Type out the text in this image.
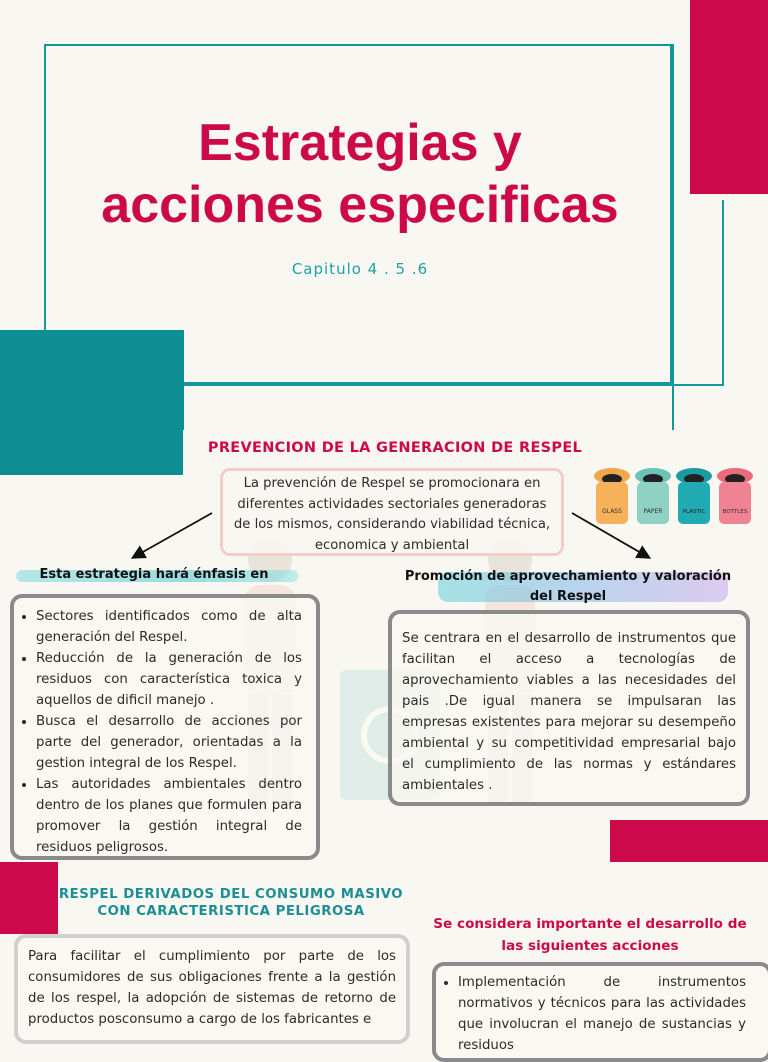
Estrategias y
acciones especificas
Capitulo 4 . 5 .6
PREVENCION DE LA GENERACION DE RESPEL
La prevención de Respel se promocionara en diferentes actividades sectoriales generadoras de los mismos, considerando viabilidad técnica, economica y ambiental
GLASS	PAPER	PLASTIC	BOTTLES
Esta estrategia hará énfasis en	Promoción de aprovechamiento y valoración del Respel
• Sectores identificados como de alta generación del Respel.
• Reducción de la generación de los residuos con característica toxica y aquellos de dificil manejo .
• Busca el desarrollo de acciones por parte del generador, orientadas a la gestion integral de los Respel.
• Las autoridades ambientales dentro dentro de los planes que formulen para promover la gestión integral de residuos peligrosos.
Se centrara en el desarrollo de instrumentos que facilitan el acceso a tecnologías de aprovechamiento viables a las necesidades del pais .De igual manera se impulsaran las empresas existentes para mejorar su desempeño ambiental y su competitividad empresarial bajo el cumplimiento de las normas y estándares ambientales .
RESPEL DERIVADOS DEL CONSUMO MASIVO CON CARACTERISTICA PELIGROSA
Para facilitar el cumplimiento por parte de los consumidores de sus obligaciones frente a la gestión de los respel, la adopción de sistemas de retorno de productos posconsumo a cargo de los fabricantes e
Se considera importante el desarrollo de las siguientes acciones
• Implementación de instrumentos normativos y técnicos para las actividades que involucran el manejo de sustancias y residuos
